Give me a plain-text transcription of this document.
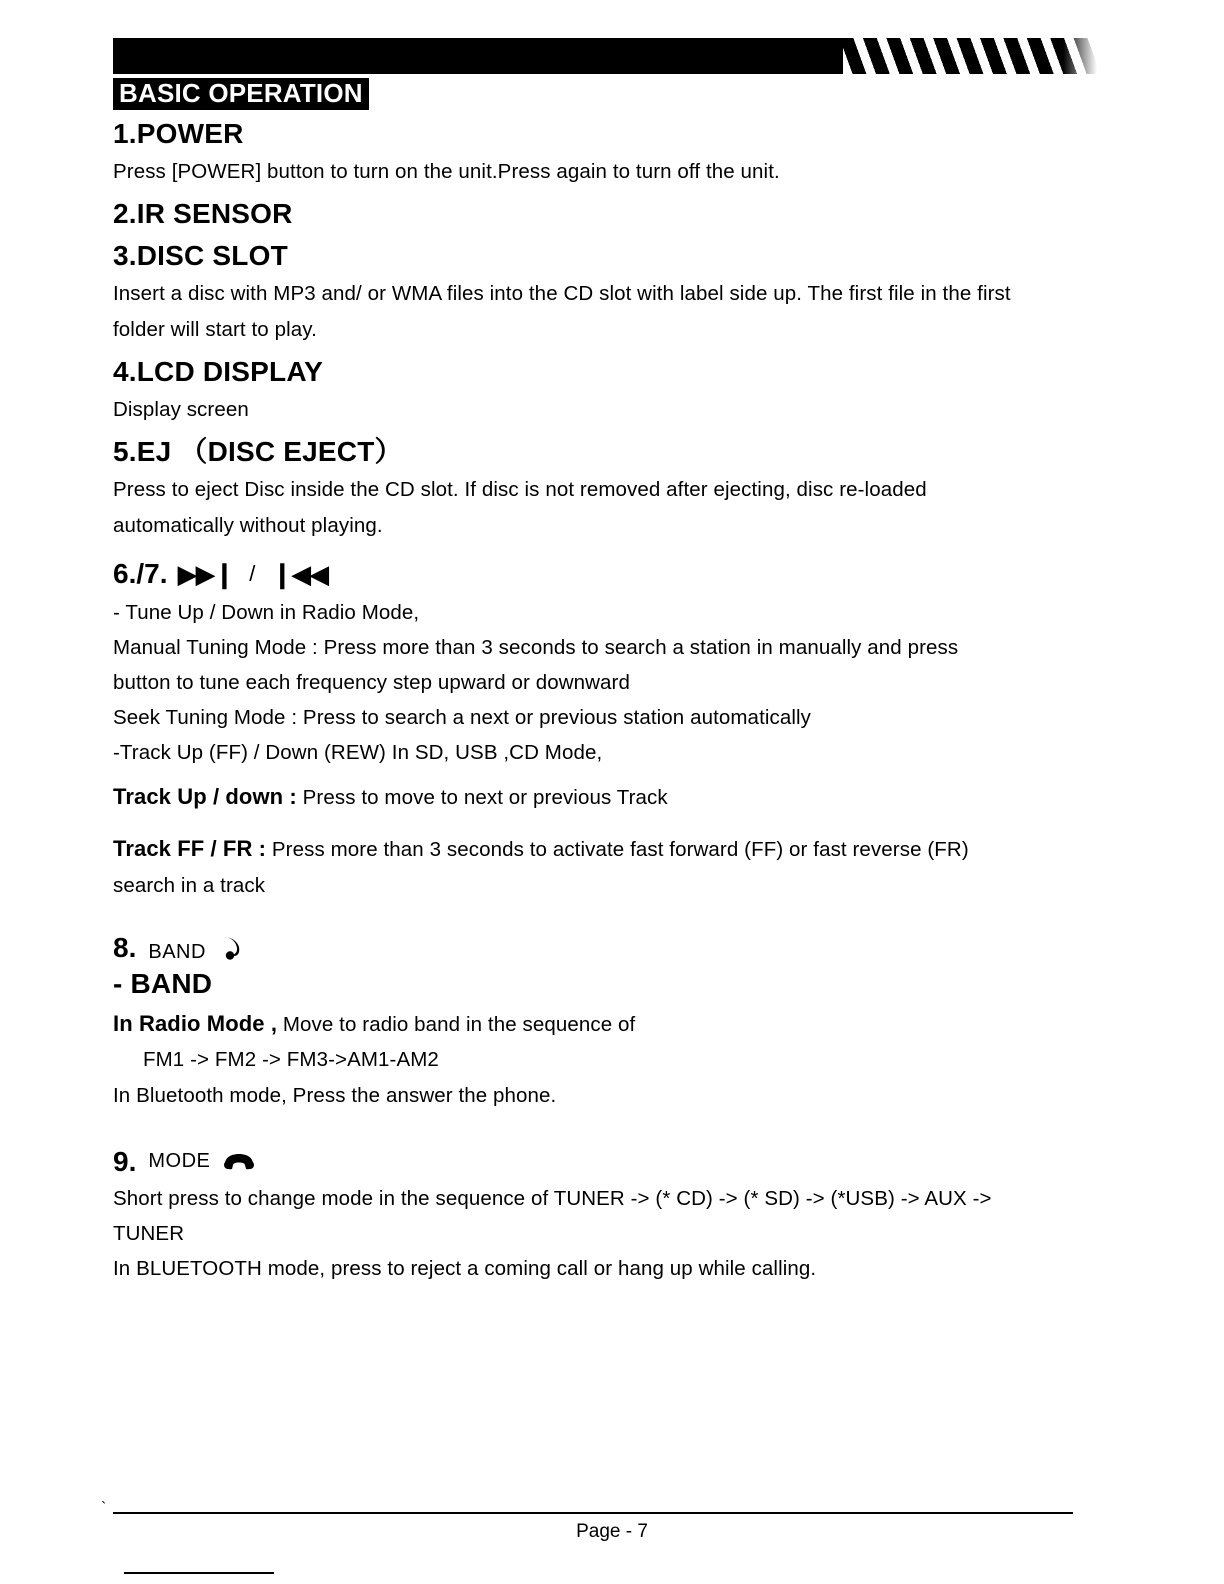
BASIC OPERATION
1.POWER

Press [POWER] button to turn on the unit.Press again to turn off the unit.

2.IR SENSOR
3.DISC SLOT

Insert a disc with MP3 and/ or WMA files into the CD slot with label side up. The first file in the first

folder will start to play.

4.LCD DISPLAY

Display screen

5.EJ （DISC EJECT）

Press to eject Disc inside the CD slot. If disc is not removed after ejecting, disc re-loaded

automatically without playing.

6./7. ▶▶❙ / ❙◀◀

- Tune Up / Down in Radio Mode,

Manual Tuning Mode : Press more than 3 seconds to search a station in manually and press

button to tune each frequency step upward or downward

Seek Tuning Mode : Press to search a next or previous station automatically

-Track Up (FF) / Down (REW) In SD, USB ,CD Mode,

Track Up / down : Press to move to next or previous Track

Track FF / FR : Press more than 3 seconds to activate fast forward (FF) or fast reverse (FR)

search in a track

8. BAND
- BAND

In Radio Mode , Move to radio band in the sequence of

FM1 -> FM2 -> FM3->AM1-AM2

In Bluetooth mode, Press the answer the phone.

9. MODE

Short press to change mode in the sequence of TUNER -> (* CD) -> (* SD) -> (*USB) -> AUX ->

TUNER

In BLUETOOTH mode, press to reject a coming call or hang up while calling.

`
Page - 7
